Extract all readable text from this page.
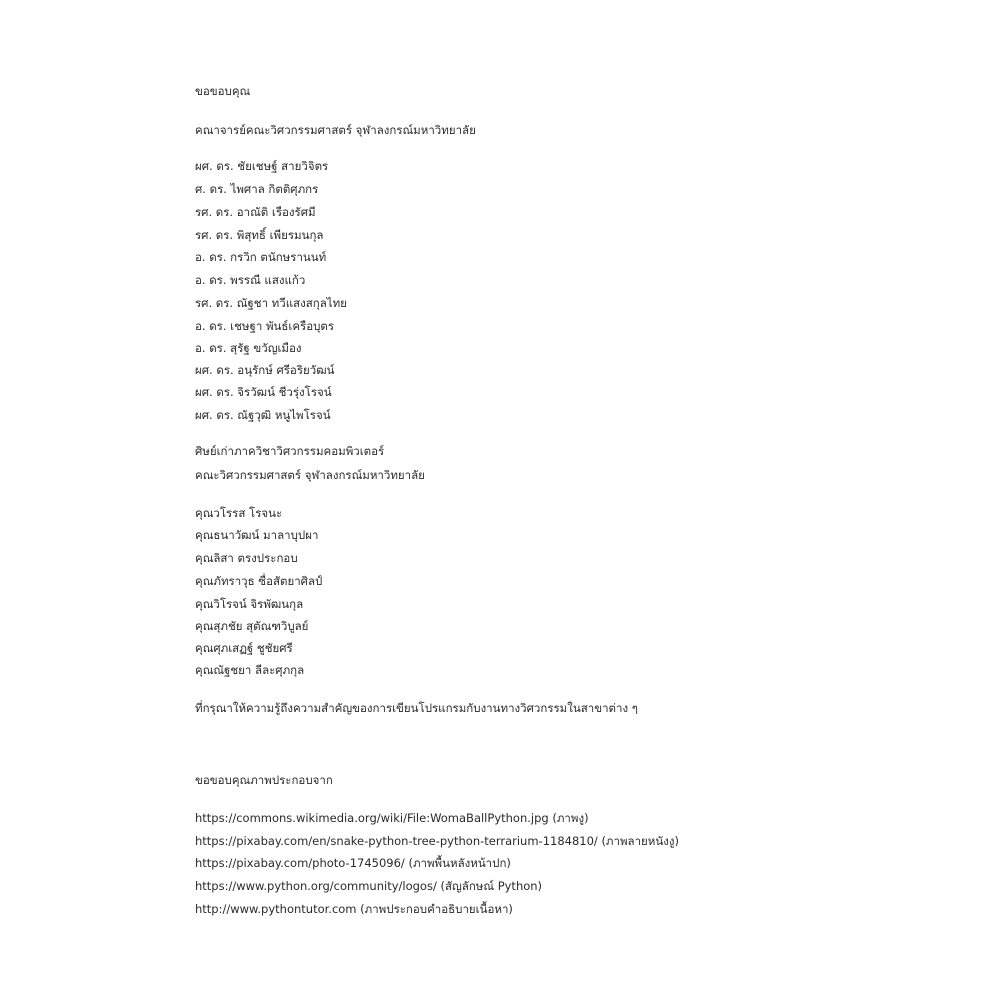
ขอขอบคุณ
คณาจารย์คณะวิศวกรรมศาสตร์ จุฬาลงกรณ์มหาวิทยาลัย
ผศ. ดร. ชัยเชษฐ์ สายวิจิตร
ศ. ดร. ไพศาล กิตติศุภกร
รศ. ดร. อาณัติ เรืองรัศมี
รศ. ดร. พิสุทธิ์ เพียรมนกุล
อ. ดร. กรวิก ตนักษรานนท์
อ. ดร. พรรณี แสงแก้ว
รศ. ดร. ณัฐชา ทวีแสงสกุลไทย
อ. ดร. เชษฐา พันธ์เครือบุตร
อ. ดร. สุรัฐ ขวัญเมือง
ผศ. ดร. อนุรักษ์ ศรีอริยวัฒน์
ผศ. ดร. จิรวัฒน์ ชีวรุ่งโรจน์
ผศ. ดร. ณัฐวุฒิ หนูไพโรจน์
ศิษย์เก่าภาควิชาวิศวกรรมคอมพิวเตอร์
คณะวิศวกรรมศาสตร์ จุฬาลงกรณ์มหาวิทยาลัย
คุณวโรรส โรจนะ
คุณธนาวัฒน์ มาลาบุปผา
คุณลิสา ตรงประกอบ
คุณภัทราวุธ ซื่อสัตยาศิลป์
คุณวิโรจน์ จิรพัฒนกุล
คุณสุภชัย สุตัณฑวิบูลย์
คุณศุภเสฏฐ์ ชูชัยศรี
คุณณัฐชยา ลีละศุภกุล
ที่กรุณาให้ความรู้ถึงความสำคัญของการเขียนโปรแกรมกับงานทางวิศวกรรมในสาขาต่าง ๆ
ขอขอบคุณภาพประกอบจาก
https://commons.wikimedia.org/wiki/File:WomaBallPython.jpg (ภาพงู)
https://pixabay.com/en/snake-python-tree-python-terrarium-1184810/ (ภาพลายหนังงู)
https://pixabay.com/photo-1745096/ (ภาพพื้นหลังหน้าปก)
https://www.python.org/community/logos/ (สัญลักษณ์ Python)
http://www.pythontutor.com (ภาพประกอบคำอธิบายเนื้อหา)
